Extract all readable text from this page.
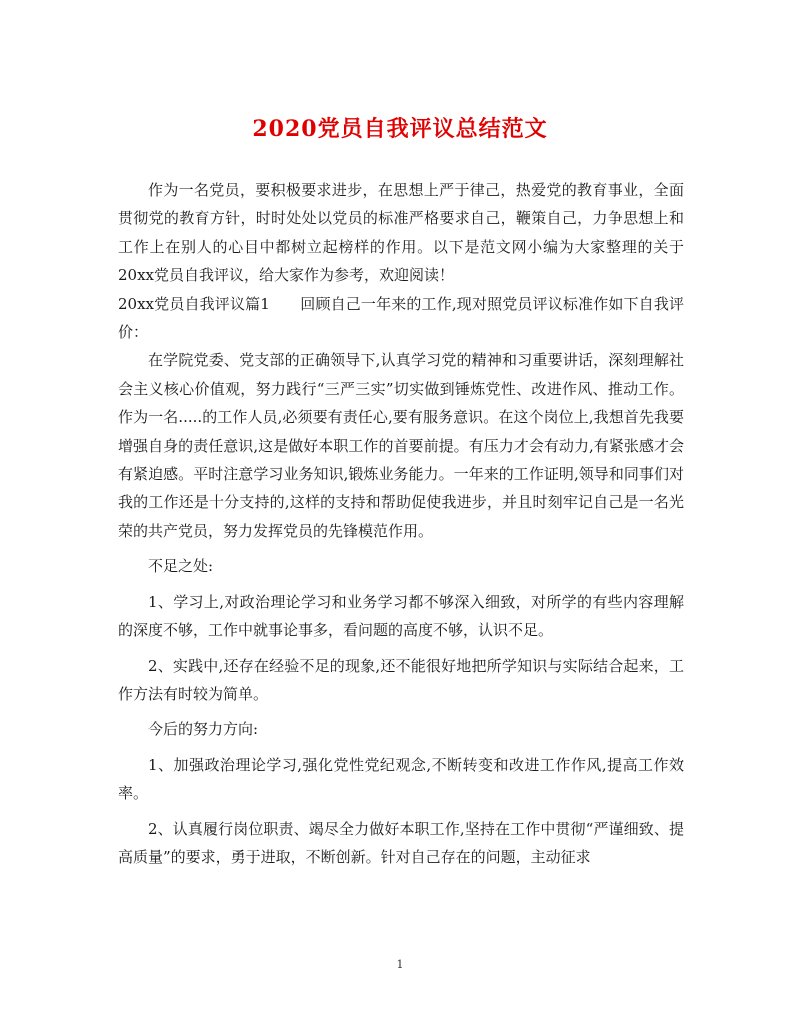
2020党员自我评议总结范文

作为一名党员，要积极要求进步，在思想上严于律己，热爱党的教育事业，全面贯彻党的教育方针，时时处处以党员的标准严格要求自己，鞭策自己，力争思想上和工作上在别人的心目中都树立起榜样的作用。以下是范文网小编为大家整理的关于20xx党员自我评议，给大家作为参考，欢迎阅读！

20xx党员自我评议篇1　　回顾自己一年来的工作,现对照党员评议标准作如下自我评价：

在学院党委、党支部的正确领导下,认真学习党的精神和习重要讲话，深刻理解社会主义核心价值观，努力践行“三严三实”切实做到锤炼党性、改进作风、推动工作。作为一名.....的工作人员,必须要有责任心,要有服务意识。在这个岗位上,我想首先我要增强自身的责任意识,这是做好本职工作的首要前提。有压力才会有动力,有紧张感才会有紧迫感。平时注意学习业务知识,锻炼业务能力。一年来的工作证明,领导和同事们对我的工作还是十分支持的,这样的支持和帮助促使我进步，并且时刻牢记自己是一名光荣的共产党员，努力发挥党员的先锋模范作用。

不足之处:

1、学习上,对政治理论学习和业务学习都不够深入细致，对所学的有些内容理解的深度不够，工作中就事论事多，看问题的高度不够，认识不足。

2、实践中,还存在经验不足的现象,还不能很好地把所学知识与实际结合起来，工作方法有时较为简单。

今后的努力方向:

1、加强政治理论学习,强化党性党纪观念,不断转变和改进工作作风,提高工作效率。

2、认真履行岗位职责、竭尽全力做好本职工作,坚持在工作中贯彻“严谨细致、提高质量”的要求，勇于进取，不断创新。针对自己存在的问题，主动征求

1
